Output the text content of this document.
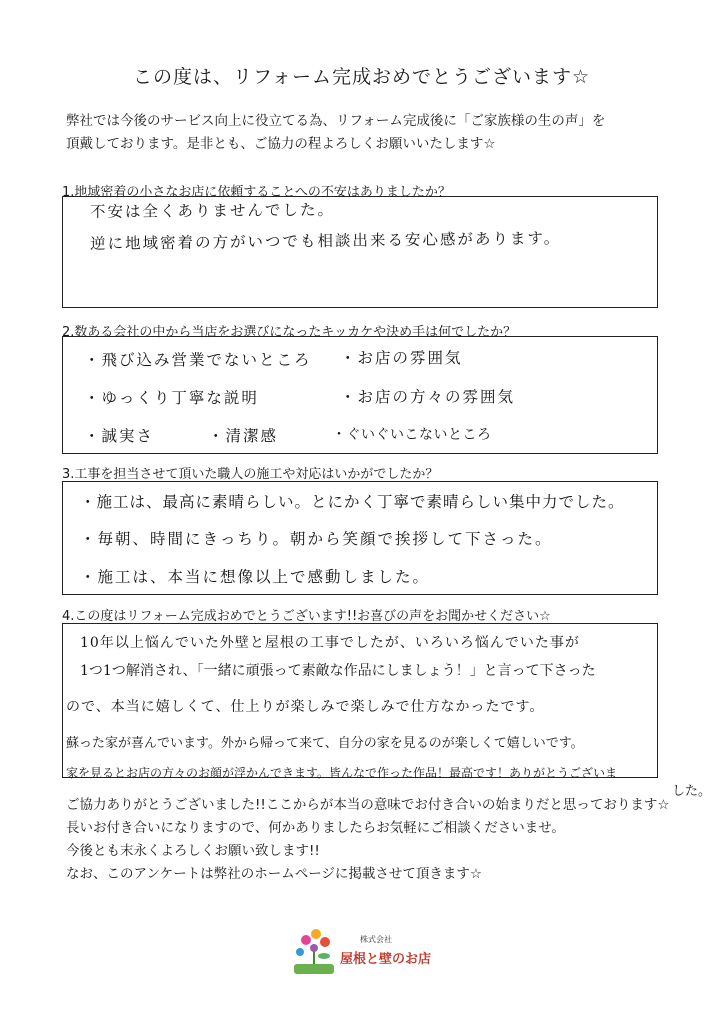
この度は、リフォーム完成おめでとうございます☆
弊社では今後のサービス向上に役立てる為、リフォーム完成後に「ご家族様の生の声」を
頂戴しております。是非とも、ご協力の程よろしくお願いいたします☆
1.地域密着の小さなお店に依頼することへの不安はありましたか？
不安は全くありませんでした。
逆に地域密着の方がいつでも相談出来る安心感があります。
2.数ある会社の中から当店をお選びになったキッカケや決め手は何でしたか？
・飛び込み営業でないところ ・お店の雰囲気
・ゆっくり丁寧な説明	・お店の方々の雰囲気
・誠実さ	・清潔感	・ぐいぐいこないところ
3.工事を担当させて頂いた職人の施工や対応はいかがでしたか？
・施工は、最高に素晴らしい。とにかく丁寧で素晴らしい集中力でした。
・毎朝、時間にきっちり。朝から笑顔で挨拶して下さった。
・施工は、本当に想像以上で感動しました。
4.この度はリフォーム完成おめでとうございます!!お喜びの声をお聞かせください☆
10年以上悩んでいた外壁と屋根の工事でしたが、いろいろ悩んでいた事が
1つ1つ解消され、「一緒に頑張って素敵な作品にしましょう！」と言って下さった
ので、本当に嬉しくて、仕上りが楽しみで楽しみで仕方なかったです。
蘇った家が喜んでいます。外から帰って来て、自分の家を見るのが楽しくて嬉しいです。
家を見るとお店の方々のお顔が浮かんできます。皆んなで作った作品！最高です！ありがとうございま
した。
ご協力ありがとうございました!!ここからが本当の意味でお付き合いの始まりだと思っております☆
長いお付き合いになりますので、何かありましたらお気軽にご相談くださいませ。
今後とも末永くよろしくお願い致します!!
なお、このアンケートは弊社のホームページに掲載させて頂きます☆
株式会社
屋根と壁のお店
